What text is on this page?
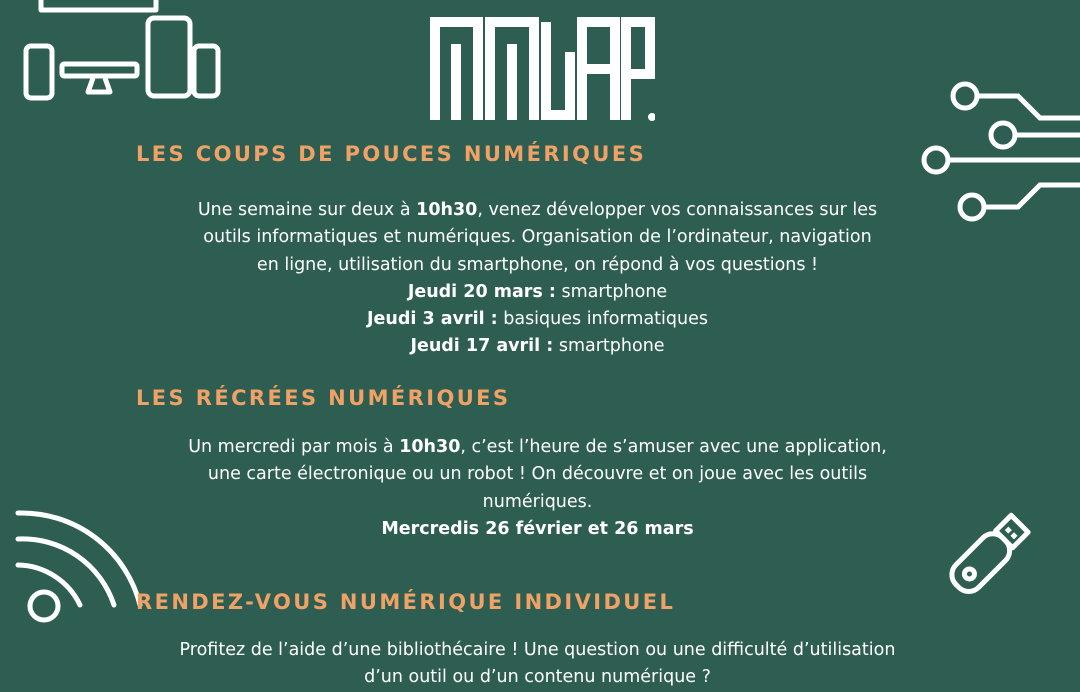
LES COUPS DE POUCES NUMÉRIQUES
Une semaine sur deux à 10h30, venez développer vos connaissances sur les
outils informatiques et numériques. Organisation de l’ordinateur, navigation
en ligne, utilisation du smartphone, on répond à vos questions !
Jeudi 20 mars : smartphone
Jeudi 3 avril : basiques informatiques
Jeudi 17 avril : smartphone
LES RÉCRÉES NUMÉRIQUES
Un mercredi par mois à 10h30, c’est l’heure de s’amuser avec une application,
une carte électronique ou un robot ! On découvre et on joue avec les outils
numériques.
Mercredis 26 février et 26 mars
RENDEZ-VOUS NUMÉRIQUE INDIVIDUEL
Profitez de l’aide d’une bibliothécaire ! Une question ou une difficulté d’utilisation
d’un outil ou d’un contenu numérique ?
